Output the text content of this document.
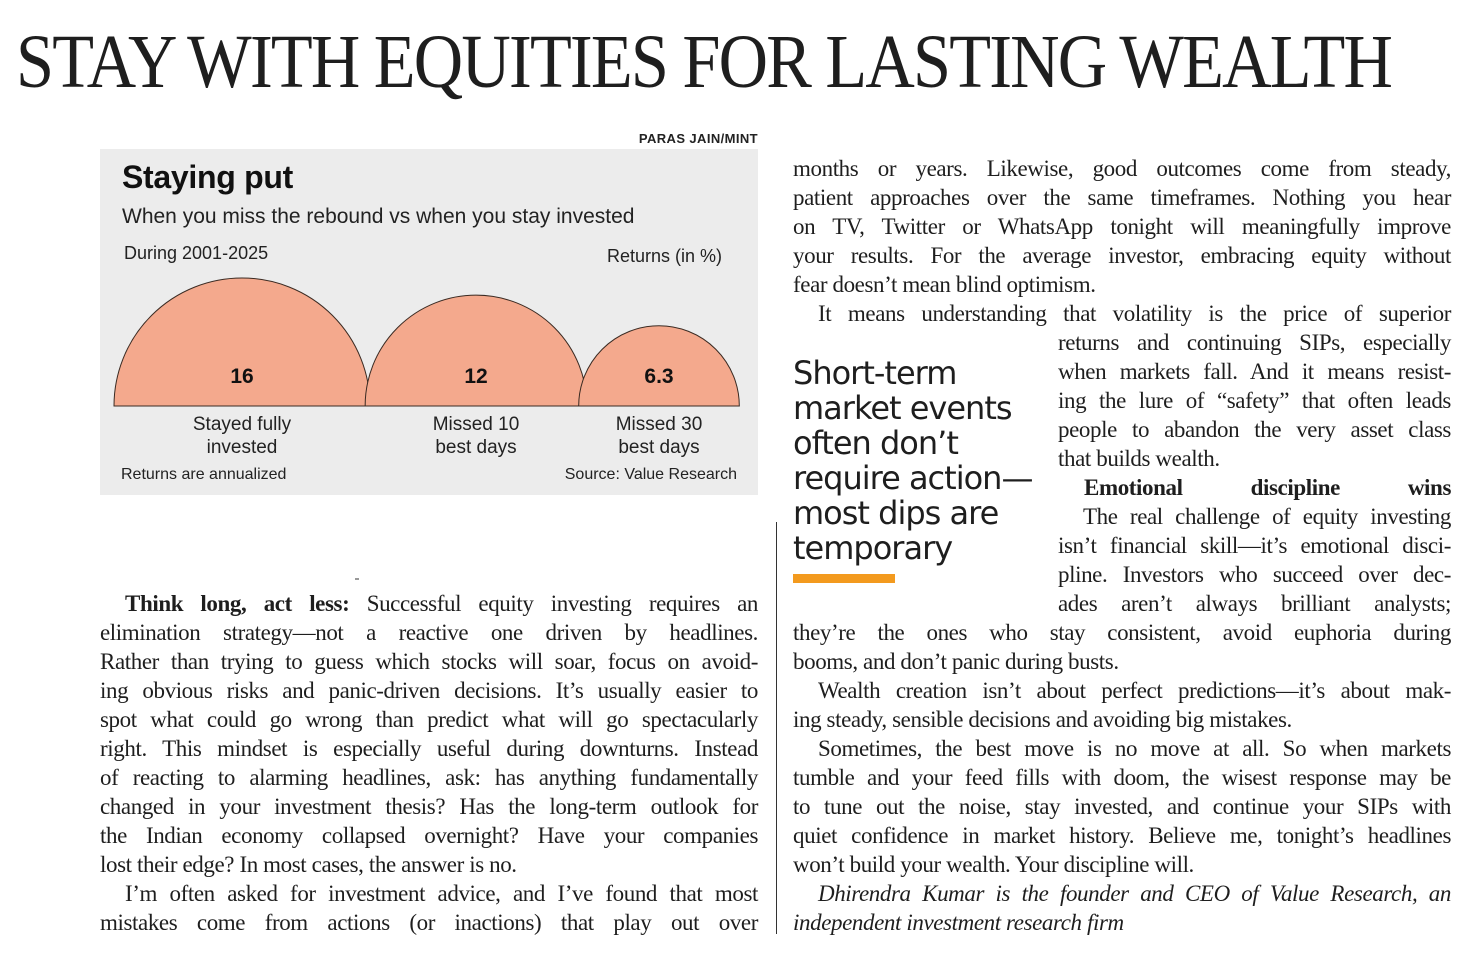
STAY WITH EQUITIES FOR LASTING WEALTH
PARAS JAIN/MINT
Staying put
When you miss the rebound vs when you stay invested
During 2001-2025	Returns (in %)
16
Stayed fully
invested
12
Missed 10
best days
6.3
Missed 30
best days
Returns are annualized	Source: Value Research

Think long, act less: Successful equity investing requires an

elimination strategy—not a reactive one driven by headlines.

Rather than trying to guess which stocks will soar, focus on avoid-

ing obvious risks and panic-driven decisions. It’s usually easier to

spot what could go wrong than predict what will go spectacularly

right. This mindset is especially useful during downturns. Instead

of reacting to alarming headlines, ask: has anything fundamentally

changed in your investment thesis? Has the long-term outlook for

the Indian economy collapsed overnight? Have your companies

lost their edge? In most cases, the answer is no.

I’m often asked for investment advice, and I’ve found that most

mistakes come from actions (or inactions) that play out over

months or years. Likewise, good outcomes come from steady,

patient approaches over the same timeframes. Nothing you hear

on TV, Twitter or WhatsApp tonight will meaningfully improve

your results. For the average investor, embracing equity without

fear doesn’t mean blind optimism.

It means understanding that volatility is the price of superior

Short-term
market events
often don’t
require action—
most dips are
temporary

returns and continuing SIPs, especially

when markets fall. And it means resist-

ing the lure of “safety” that often leads

people to abandon the very asset class

that builds wealth.

Emotional discipline wins

The real challenge of equity investing

isn’t financial skill—it’s emotional disci-

pline. Investors who succeed over dec-

ades aren’t always brilliant analysts;

they’re the ones who stay consistent, avoid euphoria during

booms, and don’t panic during busts.

Wealth creation isn’t about perfect predictions—it’s about mak-

ing steady, sensible decisions and avoiding big mistakes.

Sometimes, the best move is no move at all. So when markets

tumble and your feed fills with doom, the wisest response may be

to tune out the noise, stay invested, and continue your SIPs with

quiet confidence in market history. Believe me, tonight’s headlines

won’t build your wealth. Your discipline will.

Dhirendra Kumar is the founder and CEO of Value Research, an

independent investment research firm
